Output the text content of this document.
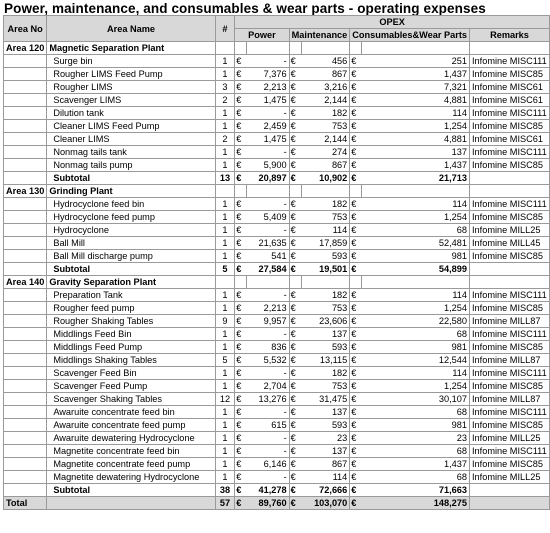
Power, maintenance, and consumables & wear parts - operating expenses
Area No	Area Name	#	OPEX						
			Power		Maintenance		Consumables&Wear Parts		Remarks
Area 120	Magnetic Separation Plant								
	Surge bin	1	€	-	€	456	€	251	Infomine MISC111
	Rougher LIMS Feed Pump	1	€	7,376	€	867	€	1,437	Infomine MISC85
	Rougher LIMS	3	€	2,213	€	3,216	€	7,321	Infomine MISC61
	Scavenger LIMS	2	€	1,475	€	2,144	€	4,881	Infomine MISC61
	Dilution tank	1	€	-	€	182	€	114	Infomine MISC111
	Cleaner LIMS Feed Pump	1	€	2,459	€	753	€	1,254	Infomine MISC85
	Cleaner LIMS	2	€	1,475	€	2,144	€	4,881	Infomine MISC61
	Nonmag tails tank	1	€	-	€	274	€	137	Infomine MISC111
	Nonmag tails pump	1	€	5,900	€	867	€	1,437	Infomine MISC85
	Subtotal	13	€	20,897	€	10,902	€	21,713	
Area 130	Grinding Plant								
	Hydrocyclone feed bin	1	€	-	€	182	€	114	Infomine MISC111
	Hydrocyclone feed pump	1	€	5,409	€	753	€	1,254	Infomine MISC85
	Hydrocyclone	1	€	-	€	114	€	68	Infomine MILL25
	Ball Mill	1	€	21,635	€	17,859	€	52,481	Infomine MILL45
	Ball Mill discharge pump	1	€	541	€	593	€	981	Infomine MISC85
	Subtotal	5	€	27,584	€	19,501	€	54,899	
Area 140	Gravity Separation Plant								
	Preparation Tank	1	€	-	€	182	€	114	Infomine MISC111
	Rougher feed pump	1	€	2,213	€	753	€	1,254	Infomine MISC85
	Rougher Shaking Tables	9	€	9,957	€	23,606	€	22,580	Infomine MILL87
	Middlings Feed Bin	1	€	-	€	137	€	68	Infomine MISC111
	Middlings Feed Pump	1	€	836	€	593	€	981	Infomine MISC85
	Middlings Shaking Tables	5	€	5,532	€	13,115	€	12,544	Infomine MILL87
	Scavenger Feed Bin	1	€	-	€	182	€	114	Infomine MISC111
	Scavenger Feed Pump	1	€	2,704	€	753	€	1,254	Infomine MISC85
	Scavenger Shaking Tables	12	€	13,276	€	31,475	€	30,107	Infomine MILL87
	Awaruite concentrate feed bin	1	€	-	€	137	€	68	Infomine MISC111
	Awaruite concentrate feed pump	1	€	615	€	593	€	981	Infomine MISC85
	Awaruite dewatering Hydrocyclone	1	€	-	€	23	€	23	Infomine MILL25
	Magnetite concentrate feed bin	1	€	-	€	137	€	68	Infomine MISC111
	Magnetite concentrate feed pump	1	€	6,146	€	867	€	1,437	Infomine MISC85
	Magnetite dewatering Hydrocyclone	1	€	-	€	114	€	68	Infomine MILL25
	Subtotal	38	€	41,278	€	72,666	€	71,663	
Total		57	€	89,760	€	103,070	€	148,275	
